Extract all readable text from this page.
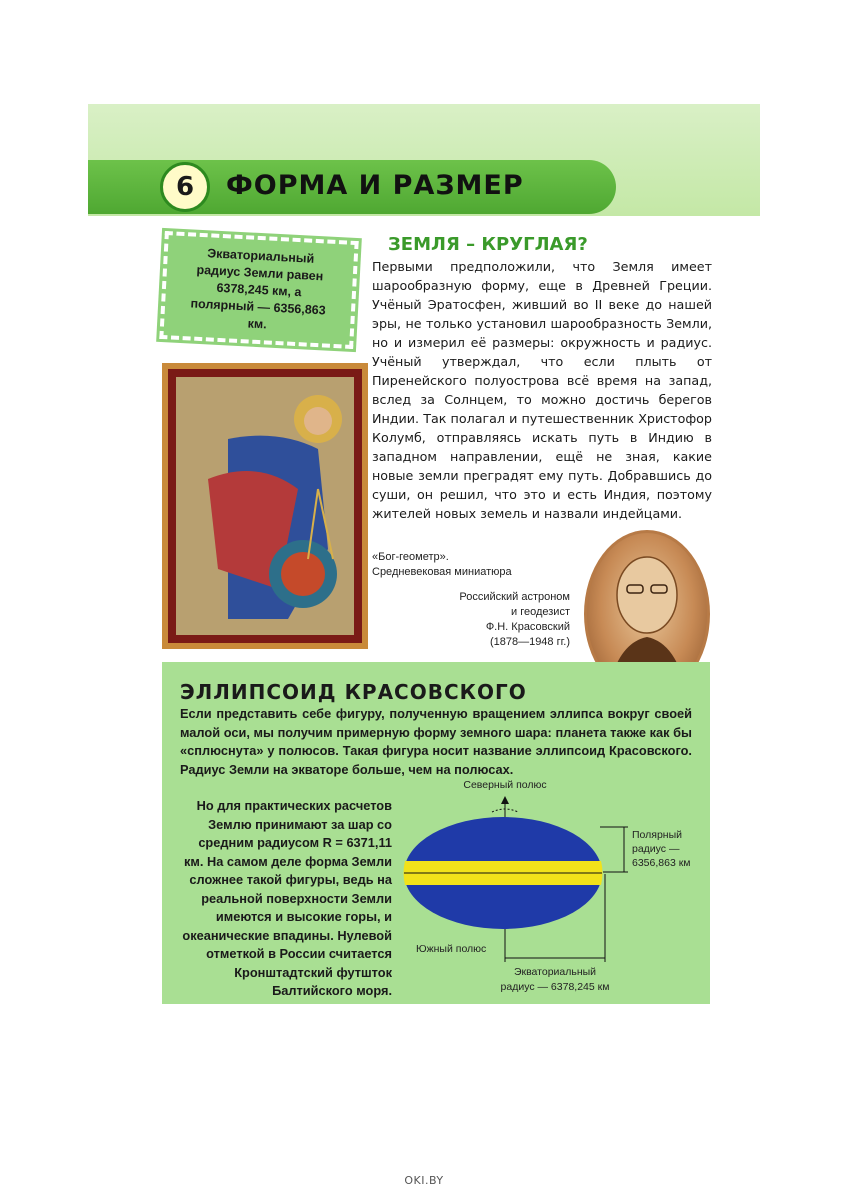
6	ФОРМА И РАЗМЕР
Экваториальный радиус Земли равен 6378,245 км, а полярный — 6356,863 км.
ЗЕМЛЯ – КРУГЛАЯ?
Первыми предположили, что Земля имеет шарообразную форму, еще в Древней Греции. Учёный Эратосфен, живший во II веке до нашей эры, не только установил шарообразность Земли, но и измерил её размеры: окружность и радиус. Учёный утверждал, что если плыть от Пиренейского полуострова всё время на запад, вслед за Солнцем, то можно достичь берегов Индии. Так полагал и путешественник Христофор Колумб, отправляясь искать путь в Индию в западном направлении, ещё не зная, какие новые земли преградят ему путь. Добравшись до суши, он решил, что это и есть Индия, поэтому жителей новых земель и назвали индейцами.
«Бог-геометр».
Средневековая миниатюра
Российский астроном
и геодезист
Ф.Н. Красовский
(1878—1948 гг.)
ЭЛЛИПСОИД КРАСОВСКОГО
Если представить себе фигуру, полученную вращением эллипса вокруг своей малой оси, мы получим примерную форму земного шара: планета также как бы «сплюснута» у полюсов. Такая фигура носит название эллипсоид Красовского. Радиус Земли на экваторе больше, чем на полюсах.
Но для практических расчетов Землю принимают за шар со средним радиусом R = 6371,11 км. На самом деле форма Земли сложнее такой фигуры, ведь на реальной поверхности Земли имеются и высокие горы, и океанические впадины. Нулевой отметкой в России считается Кронштадтский футшток Балтийского моря.
Северный полюс
Полярный
радиус —
6356,863 км
Южный полюс
Экваториальный
радиус — 6378,245 км
OKI.BY
